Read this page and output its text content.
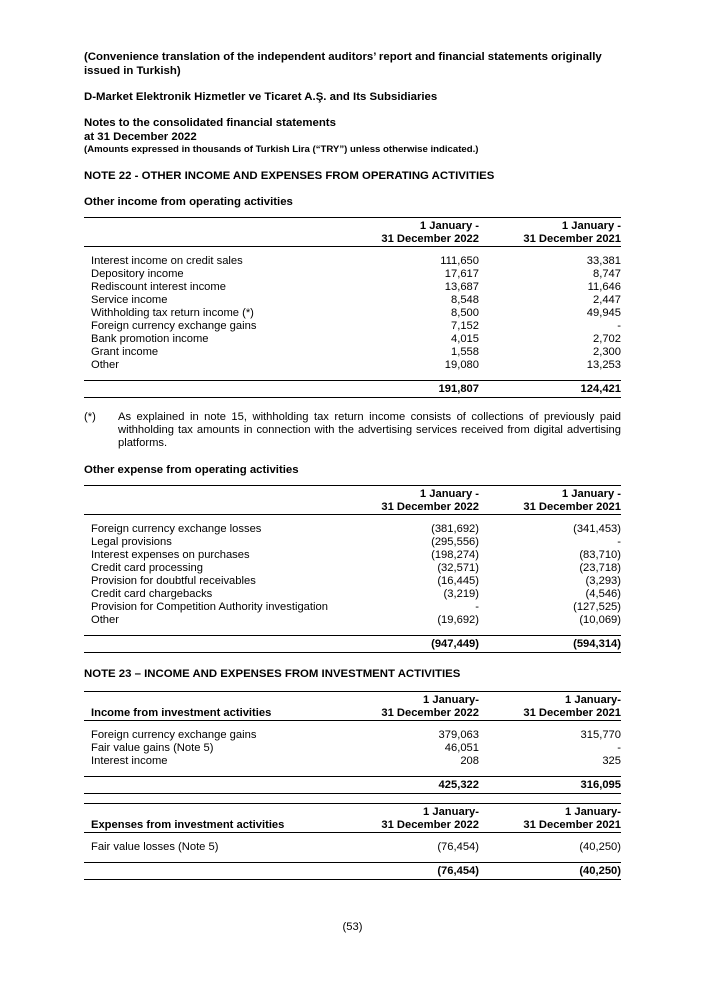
(Convenience translation of the independent auditors’ report and financial statements originally issued in Turkish)
D-Market Elektronik Hizmetler ve Ticaret A.Ş. and Its Subsidiaries
Notes to the consolidated financial statements
at 31 December 2022
(Amounts expressed in thousands of Turkish Lira (“TRY”) unless otherwise indicated.)
NOTE 22 - OTHER INCOME AND EXPENSES FROM OPERATING ACTIVITIES
Other income from operating activities
	1 January -	1 January -
	31 December 2022	31 December 2021

Interest income on credit sales	111,650	33,381
Depository income	17,617	8,747
Rediscount interest income	13,687	11,646
Service income	8,548	2,447
Withholding tax return income (*)	8,500	49,945
Foreign currency exchange gains	7,152	-
Bank promotion income	4,015	2,702
Grant income	1,558	2,300
Other	19,080	13,253

	191,807	124,421
(*)	As explained in note 15, withholding tax return income consists of collections of previously paid withholding tax amounts in connection with the advertising services received from digital advertising platforms.
Other expense from operating activities
	1 January -	1 January -
	31 December 2022	31 December 2021

Foreign currency exchange losses	(381,692)	(341,453)
Legal provisions	(295,556)	-
Interest expenses on purchases	(198,274)	(83,710)
Credit card processing	(32,571)	(23,718)
Provision for doubtful receivables	(16,445)	(3,293)
Credit card chargebacks	(3,219)	(4,546)
Provision for Competition Authority investigation	-	(127,525)
Other	(19,692)	(10,069)

	(947,449)	(594,314)
NOTE 23 – INCOME AND EXPENSES FROM INVESTMENT ACTIVITIES
	1 January-	1 January-
Income from investment activities	31 December 2022	31 December 2021

Foreign currency exchange gains	379,063	315,770
Fair value gains (Note 5)	46,051	-
Interest income	208	325

	425,322	316,095
	1 January-	1 January-
Expenses from investment activities	31 December 2022	31 December 2021

Fair value losses (Note 5)	(76,454)	(40,250)

	(76,454)	(40,250)
(53)
